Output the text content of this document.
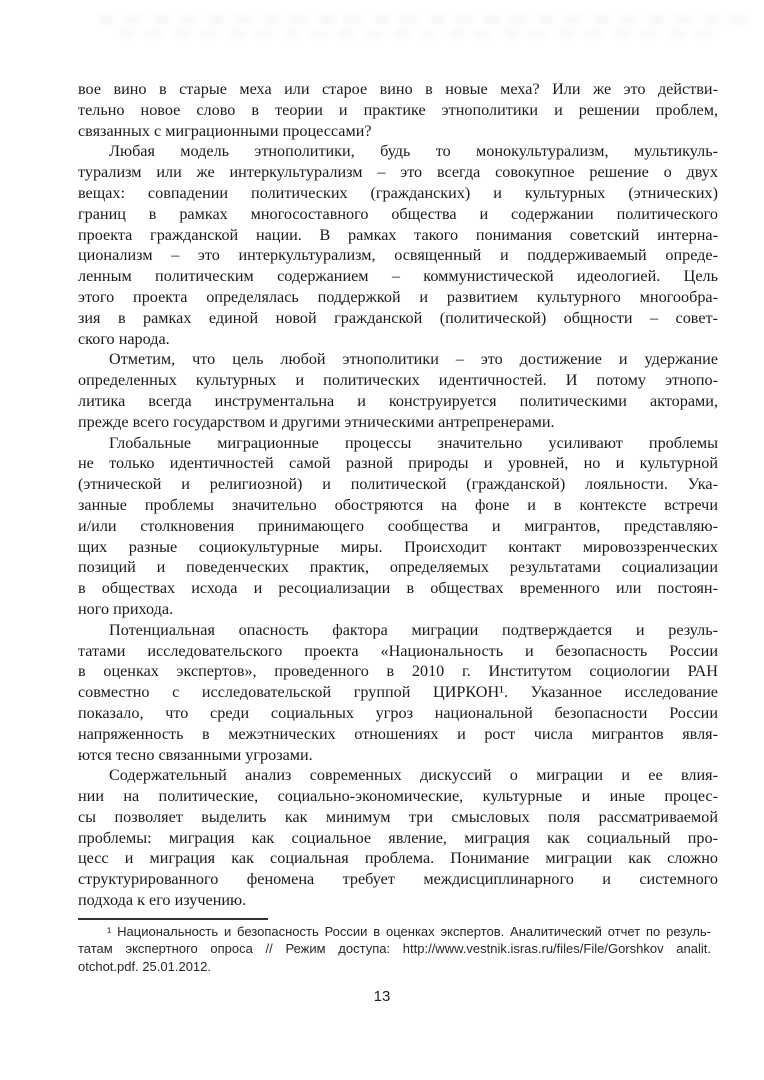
вое вино в старые меха или старое вино в новые меха? Или же это действи-
тельно новое слово в теории и практике этнополитики и решении проблем,
связанных с миграционными процессами?
Любая модель этнополитики, будь то монокультурализм, мультикуль-
турализм или же интеркультурализм – это всегда совокупное решение о двух
вещах: совпадении политических (гражданских) и культурных (этнических)
границ в рамках многосоставного общества и содержании политического
проекта гражданской нации. В рамках такого понимания советский интерна-
ционализм – это интеркультурализм, освященный и поддерживаемый опреде-
ленным политическим содержанием – коммунистической идеологией. Цель
этого проекта определялась поддержкой и развитием культурного многообра-
зия в рамках единой новой гражданской (политической) общности – совет-
ского народа.
Отметим, что цель любой этнополитики – это достижение и удержание
определенных культурных и политических идентичностей. И потому этнопо-
литика всегда инструментальна и конструируется политическими акторами,
прежде всего государством и другими этническими антрепренерами.
Глобальные миграционные процессы значительно усиливают проблемы
не только идентичностей самой разной природы и уровней, но и культурной
(этнической и религиозной) и политической (гражданской) лояльности. Ука-
занные проблемы значительно обостряются на фоне и в контексте встречи
и/или столкновения принимающего сообщества и мигрантов, представляю-
щих разные социокультурные миры. Происходит контакт мировоззренческих
позиций и поведенческих практик, определяемых результатами социализации
в обществах исхода и ресоциализации в обществах временного или постоян-
ного прихода.
Потенциальная опасность фактора миграции подтверждается и резуль-
татами исследовательского проекта «Национальность и безопасность России
в оценках экспертов», проведенного в 2010 г. Институтом социологии РАН
совместно с исследовательской группой ЦИРКОН¹. Указанное исследование
показало, что среди социальных угроз национальной безопасности России
напряженность в межэтнических отношениях и рост числа мигрантов явля-
ются тесно связанными угрозами.
Содержательный анализ современных дискуссий о миграции и ее влия-
нии на политические, социально-экономические, культурные и иные процес-
сы позволяет выделить как минимум три смысловых поля рассматриваемой
проблемы: миграция как социальное явление, миграция как социальный про-
цесс и миграция как социальная проблема. Понимание миграции как сложно
структурированного феномена требует междисциплинарного и системного
подхода к его изучению.
¹ Национальность и безопасность России в оценках экспертов. Аналитический отчет по резуль-
татам экспертного опроса // Режим доступа: http://www.vestnik.isras.ru/files/File/Gorshkov analit.
otchot.pdf. 25.01.2012.
13
